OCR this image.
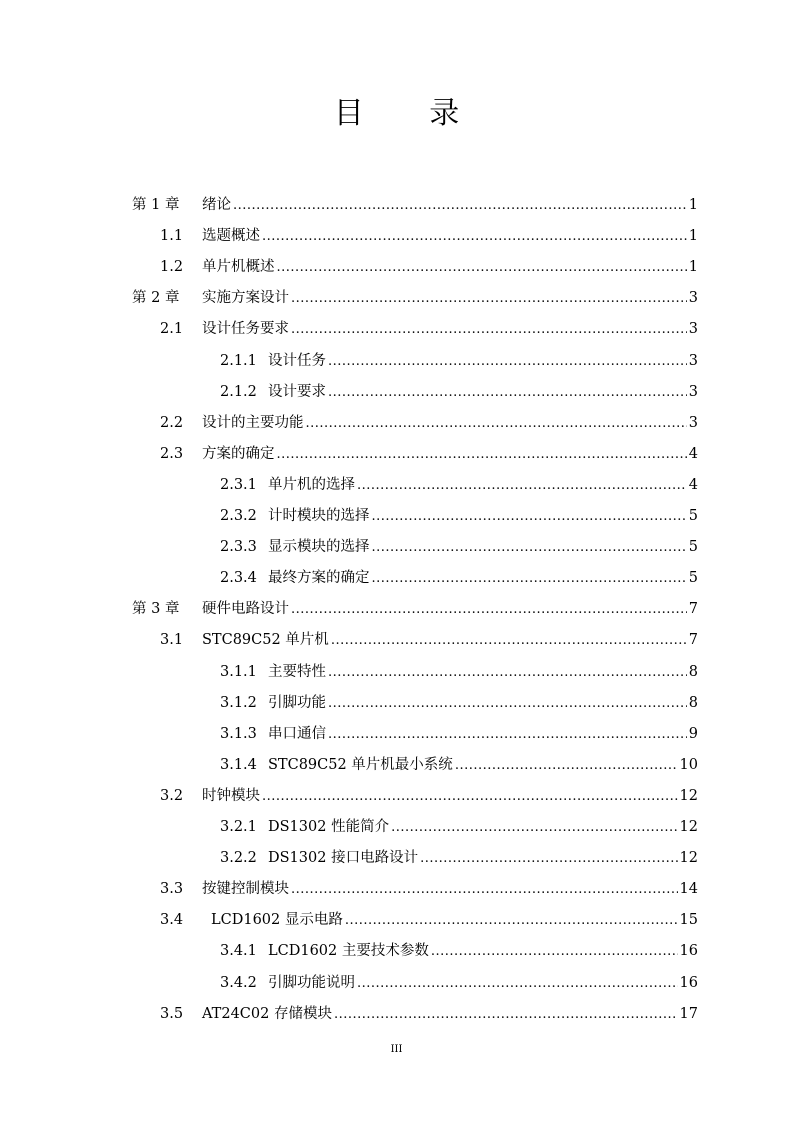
目 录
第 1 章	绪论 .....	1
1.1	选题概述 .....	1
1.2	单片机概述 .....	1
第 2 章	实施方案设计 .....	3
2.1	设计任务要求 .....	3
2.1.1 设计任务 .....	3
2.1.2 设计要求 .....	3
2.2	设计的主要功能 .....	3
2.3	方案的确定 .....	4
2.3.1 单片机的选择 .....	4
2.3.2 计时模块的选择 .....	5
2.3.3 显示模块的选择 .....	5
2.3.4 最终方案的确定 .....	5
第 3 章	硬件电路设计 .....	7
3.1	STC89C52 单片机 .....	7
3.1.1 主要特性 .....	8
3.1.2 引脚功能 .....	8
3.1.3 串口通信 .....	9
3.1.4 STC89C52 单片机最小系统 .....	10
3.2	时钟模块 .....	12
3.2.1 DS1302 性能简介 .....	12
3.2.2 DS1302 接口电路设计 .....	12
3.3	按键控制模块 .....	14
3.4	LCD1602 显示电路 .....	15
3.4.1 LCD1602 主要技术参数 .....	16
3.4.2 引脚功能说明 .....	16
3.5	AT24C02 存储模块 .....	17
III
